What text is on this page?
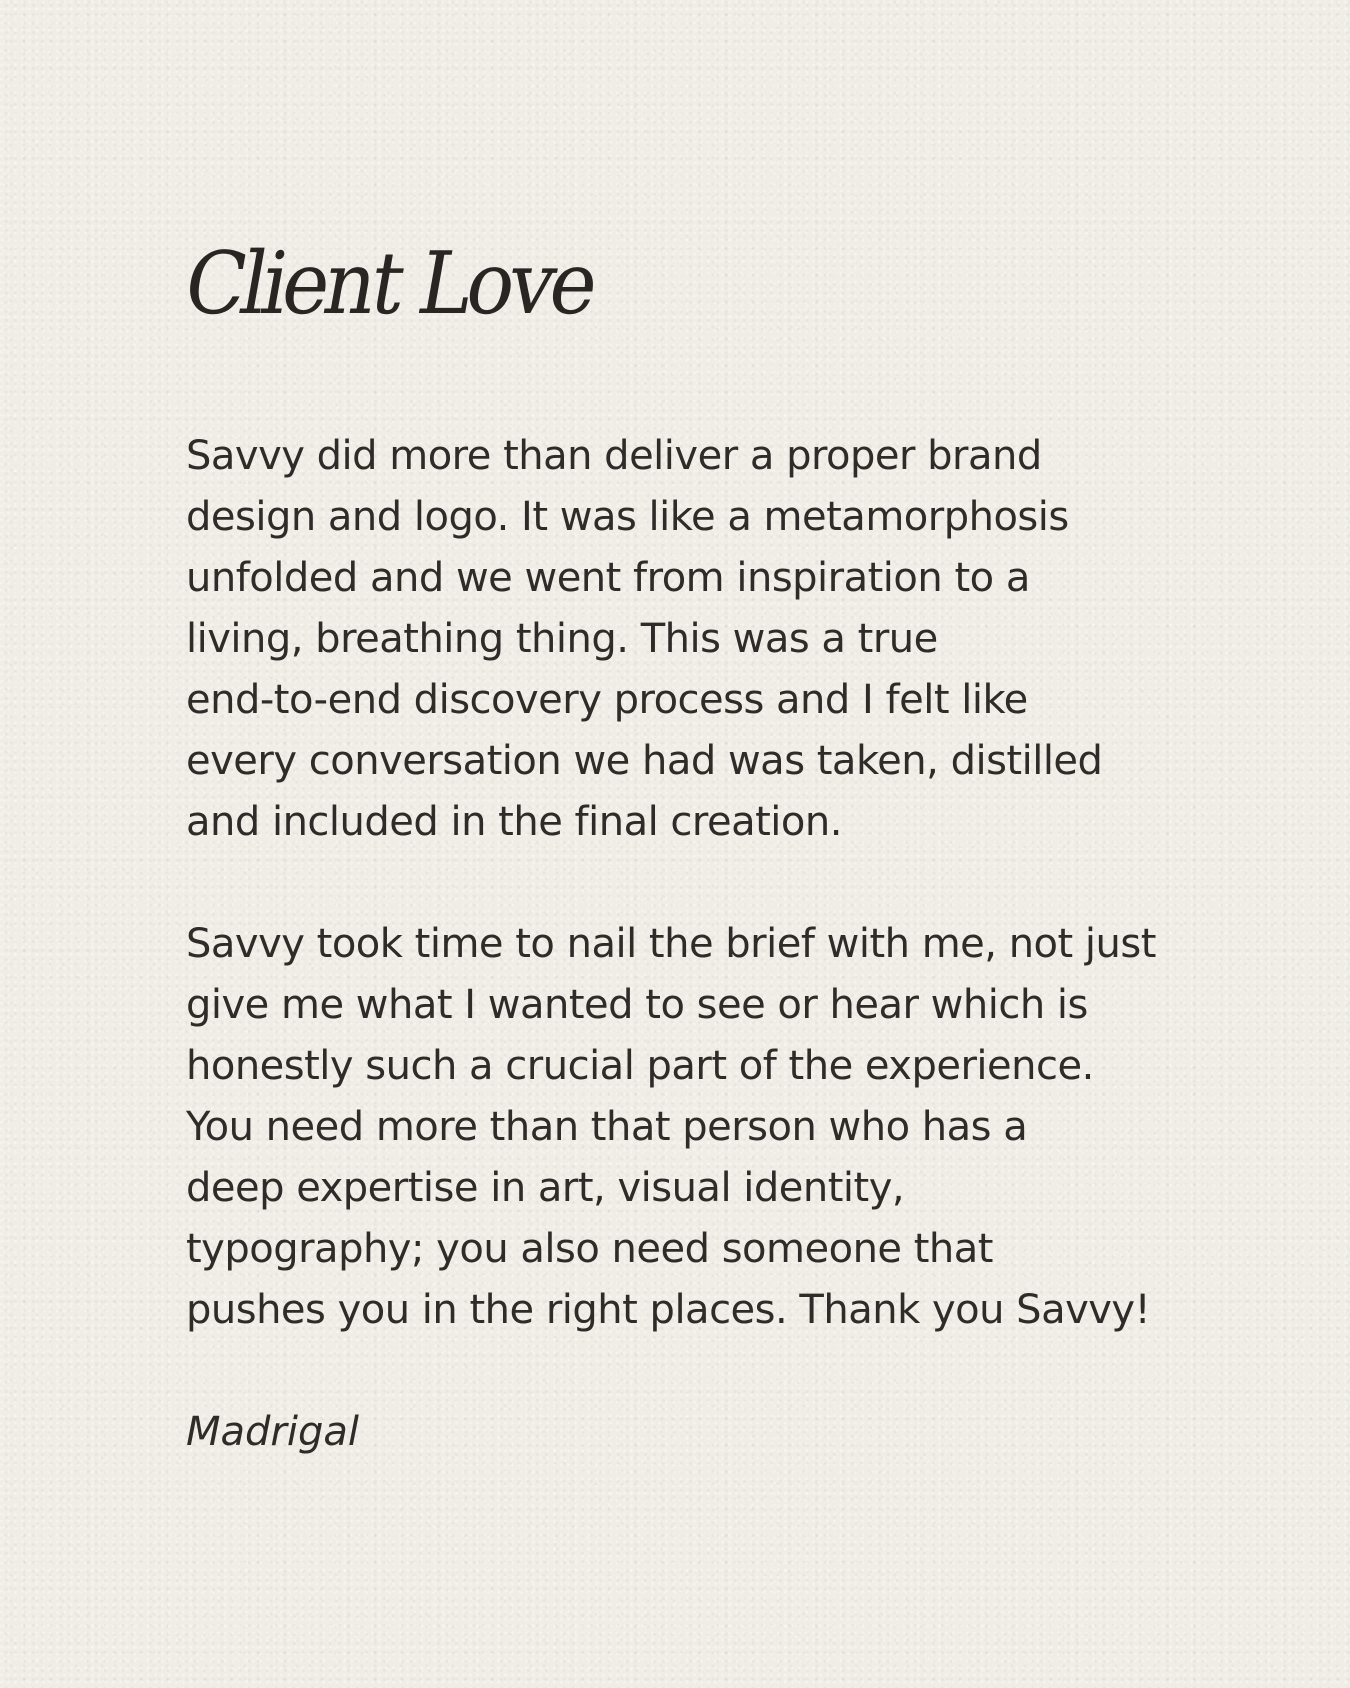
Client Love

Savvy did more than deliver a proper brand
design and logo. It was like a metamorphosis
unfolded and we went from inspiration to a
living, breathing thing. This was a true
end-to-end discovery process and I felt like
every conversation we had was taken, distilled
and included in the final creation.

Savvy took time to nail the brief with me, not just
give me what I wanted to see or hear which is
honestly such a crucial part of the experience.
You need more than that person who has a
deep expertise in art, visual identity,
typography; you also need someone that
pushes you in the right places. Thank you Savvy!

Madrigal
